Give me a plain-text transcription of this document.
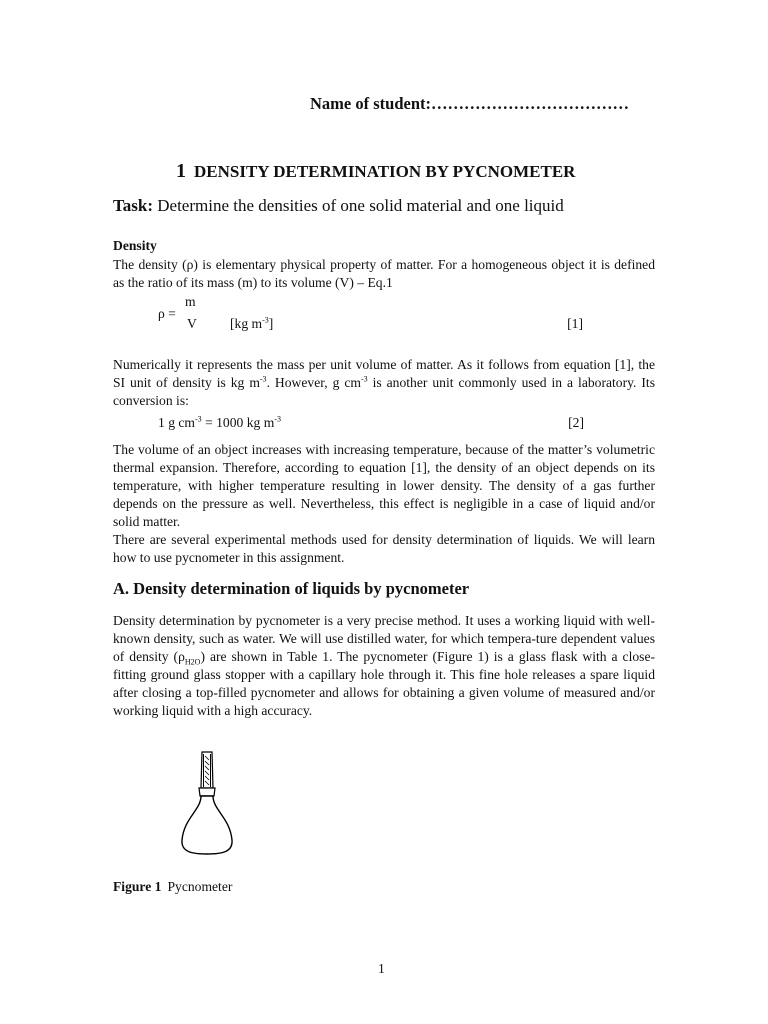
Name of student:………………………………
1 DENSITY DETERMINATION BY PYCNOMETER
Task: Determine the densities of one solid material and one liquid
Density
The density (ρ) is elementary physical property of matter. For a homogeneous object it is defined as the ratio of its mass (m) to its volume (V) – Eq.1
ρ =
m
V [kg $m^{-3}$]	[1]
Numerically it represents the mass per unit volume of matter. As it follows from equation [1], the SI unit of density is kg $m^{-3}$. However, g $cm^{-3}$ is another unit commonly used in a laboratory. Its conversion is:
1 g $cm^{-3} = 1000$ kg $m^{-3}$	[2]
The volume of an object increases with increasing temperature, because of the matter’s volumetric thermal expansion. Therefore, according to equation [1], the density of an object depends on its temperature, with higher temperature resulting in lower density. The density of a gas further depends on the pressure as well. Nevertheless, this effect is negligible in a case of liquid and/or solid matter.
There are several experimental methods used for density determination of liquids. We will learn how to use pycnometer in this assignment.
A. Density determination of liquids by pycnometer
Density determination by pycnometer is a very precise method. It uses a working liquid with well-known density, such as water. We will use distilled water, for which tempera-ture dependent values of density $(\rho_{H2O})$ are shown in Table 1. The pycnometer (Figure 1) is a glass flask with a close-fitting ground glass stopper with a capillary hole through it. This fine hole releases a spare liquid after closing a top-filled pycnometer and allows for obtaining a given volume of measured and/or working liquid with a high accuracy.
Figure 1 Pycnometer
1
